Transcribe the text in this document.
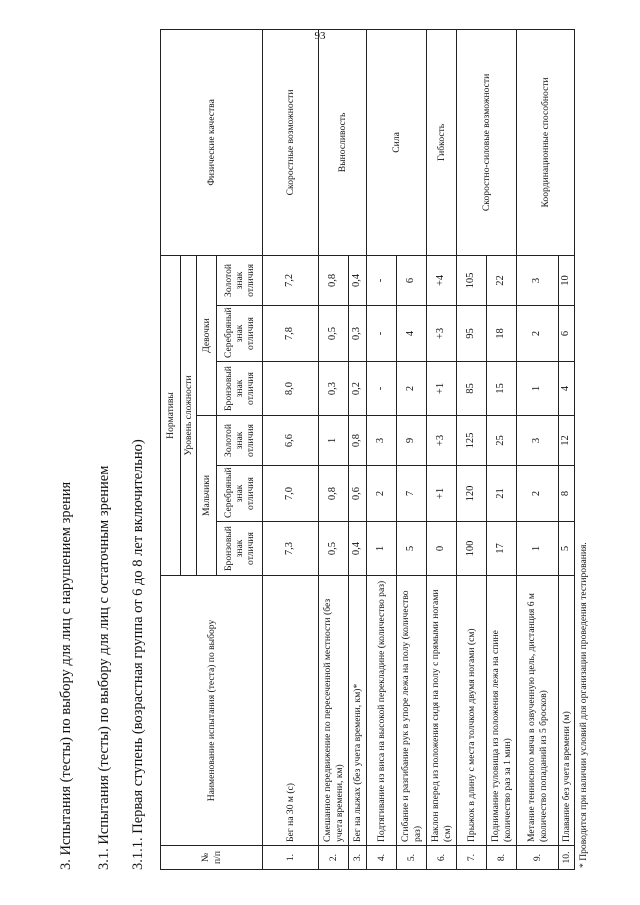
93
3. Испытания (тесты) по выбору для лиц с нарушением зрения 3.1. Испытания (тесты) по выбору для лиц с остаточным зрением 3.1.1. Первая ступень (возрастная группа от 6 до 8 лет включительно)	№ п/п	Наименование испытания (теста) по выбору	Нормативы						Физические качества
		Уровень сложности						
		Мальчики			Девочки			
		Бронзовый знак отличия	Серебряный знак отличия	Золотой знак отличия	Бронзовый знак отличия	Серебряный знак отличия	Золотой знак отличия	
1.	Бег на 30 м (с)	7,3	7,0	6,6	8,0	7,8	7,2	Скоростные возможности
2.	Смешанное передвижение по пересеченной местности (без учета времени, км)	0,5	0,8	1	0,3	0,5	0,8	Выносливость
3.	Бег на лыжах (без учета времени, км)*	0,4	0,6	0,8	0,2	0,3	0,4	
4.	Подтягивание из виса на высокой перекладине (количество раз)	1	2	3	-	-	-	Сила
5.	Сгибание и разгибание рук в упоре лежа на полу (количество раз)	5	7	9	2	4	6	
6.	Наклон вперед из положения сидя на полу с прямыми ногами (см)	0	+1	+3	+1	+3	+4	Гибкость
7.	Прыжок в длину с места толчком двумя ногами (см)	100	120	125	85	95	105	Скоростно-силовые возможности
8.	Поднимание туловища из положения лежа на спине (количество раз за 1 мин)	17	21	25	15	18	22	
9.	Метание теннисного мяча в озвученную цель, дистанция 6 м (количество попаданий из 5 бросков)	1	2	3	1	2	3	Координационные способности
10.	Плавание без учета времени (м)	5	8	12	4	6	10	
* Проводится при наличии условий для организации проведения тестирования.
